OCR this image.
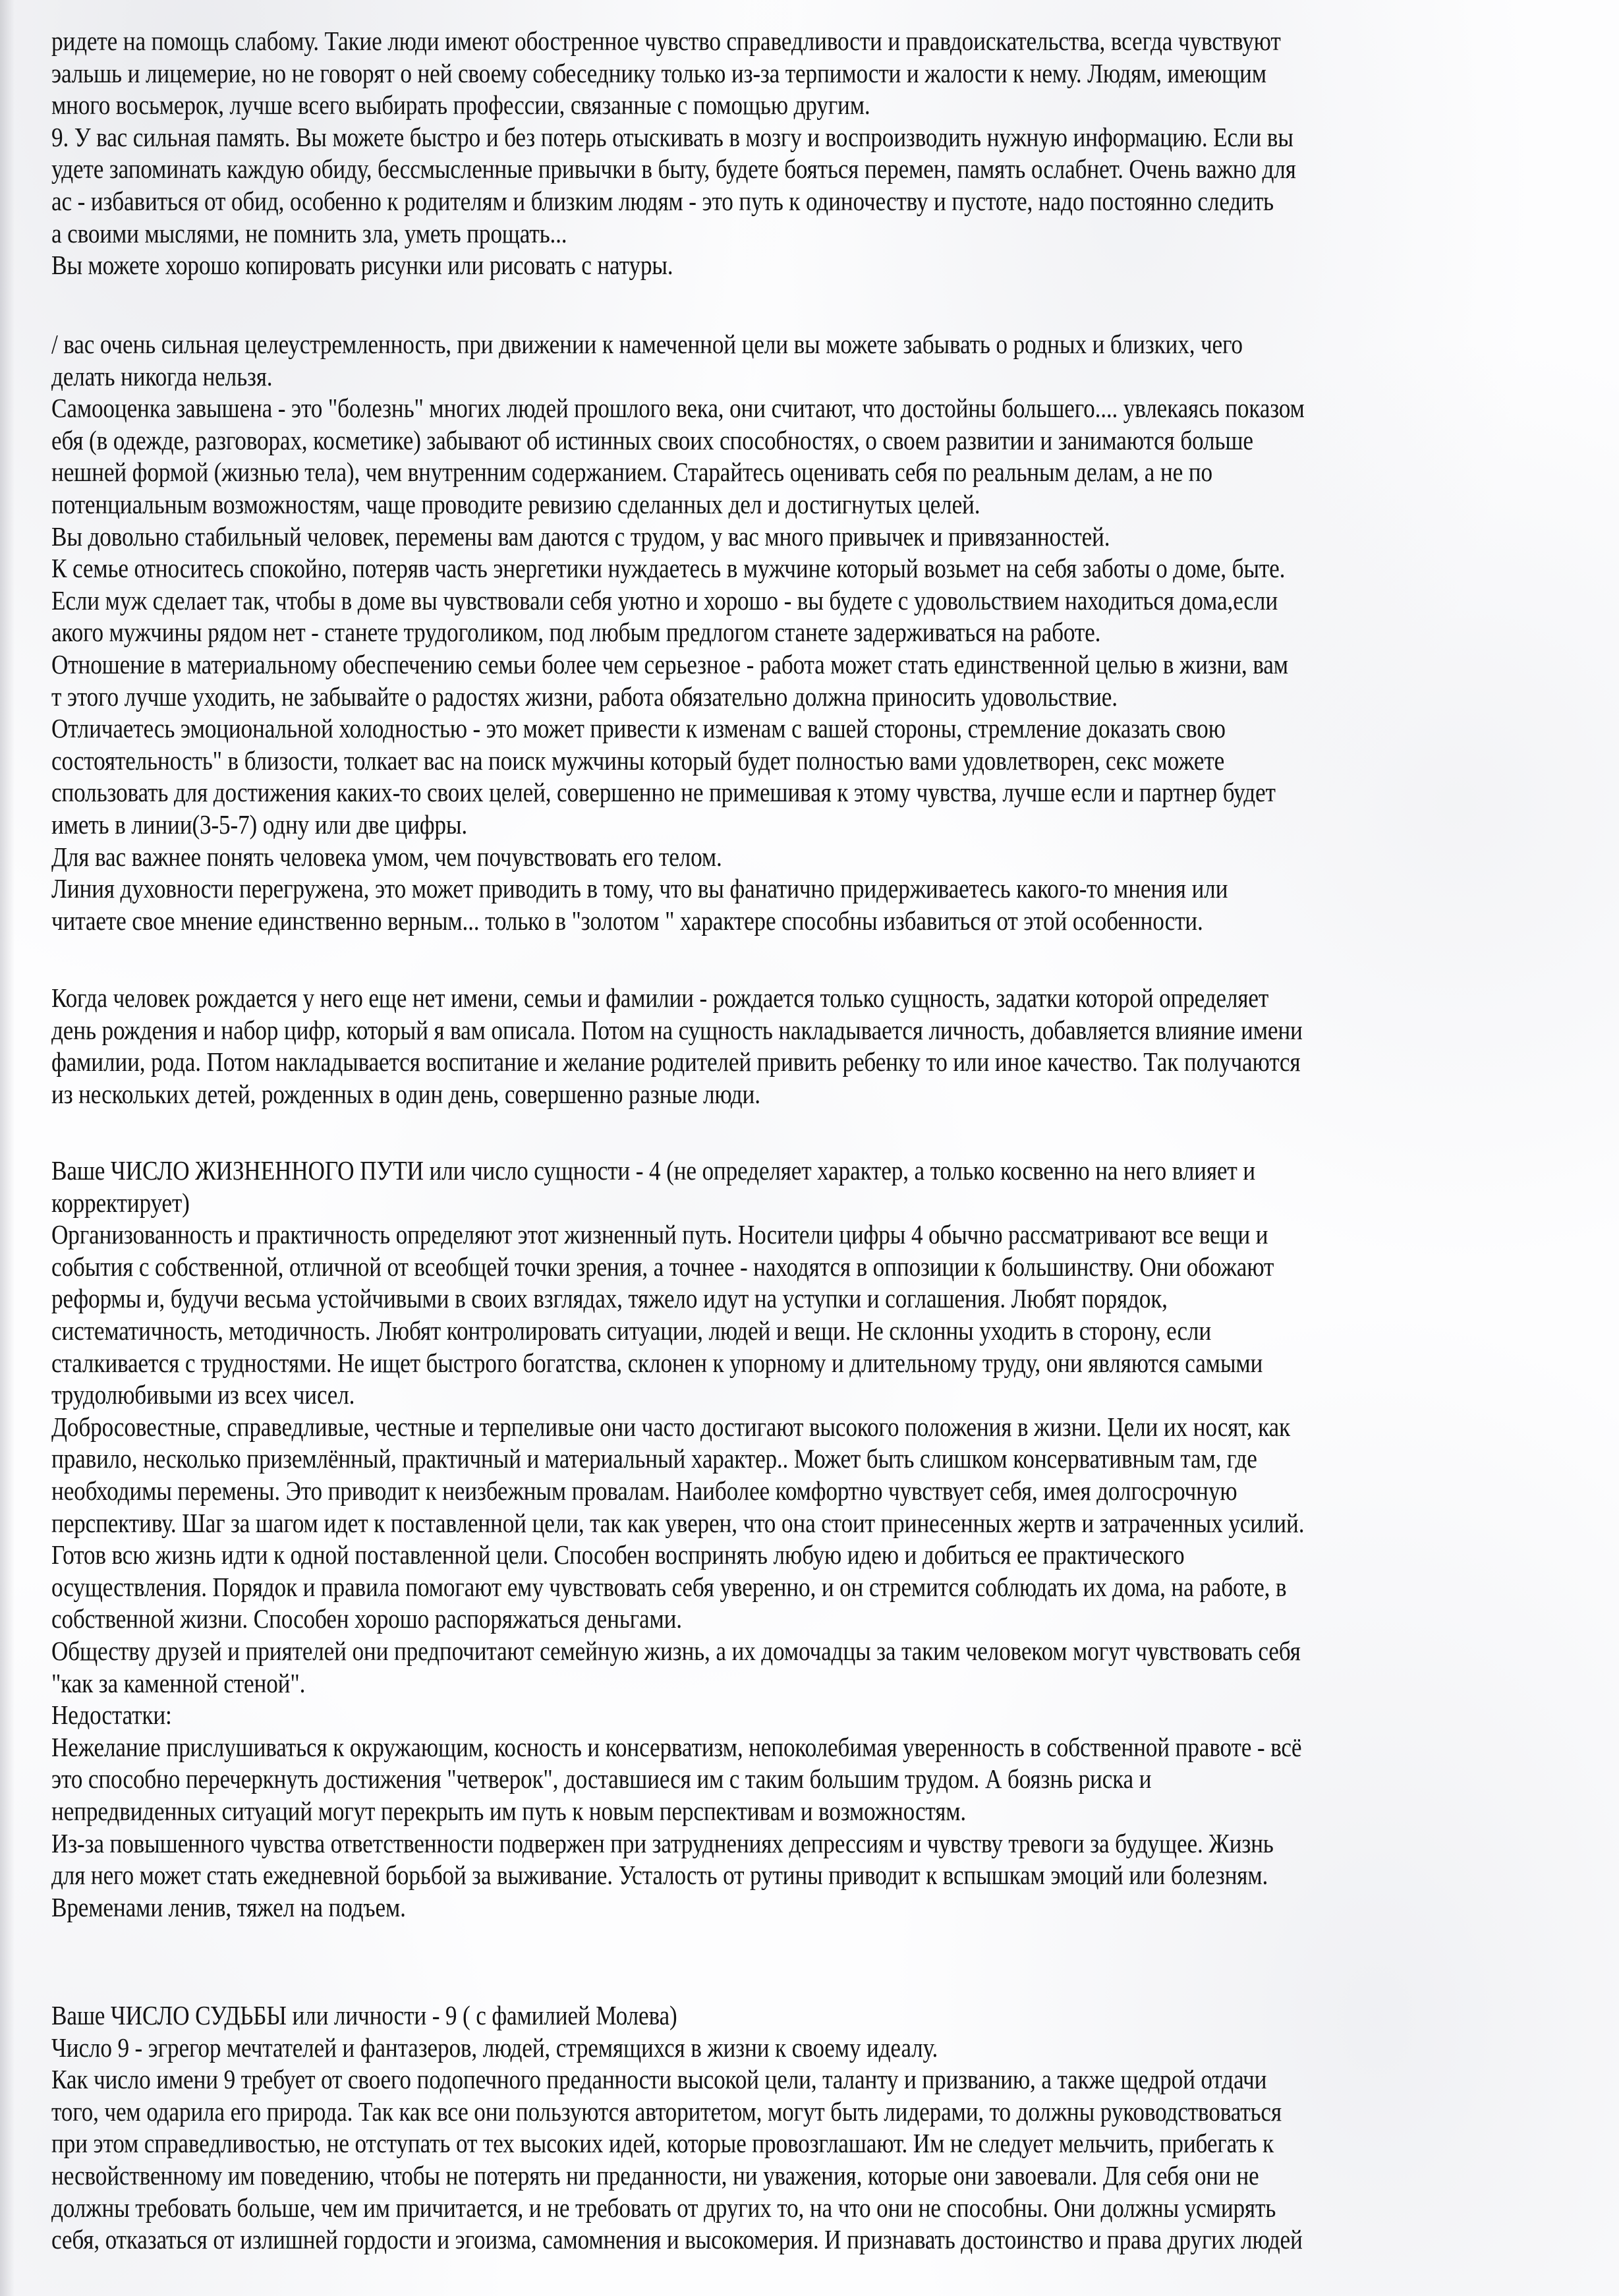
ридете на помощь слабому. Такие люди имеют обостренное чувство справедливости и правдоискательства, всегда чувствуют
эальшь и лицемерие, но не говорят о ней своему собеседнику только из-за терпимости и жалости к нему. Людям, имеющим
много восьмерок, лучше всего выбирать профессии, связанные с помощью другим.
9. У вас сильная память. Вы можете быстро и без потерь отыскивать в мозгу и воспроизводить нужную информацию. Если вы
удете запоминать каждую обиду, бессмысленные привычки в быту, будете бояться перемен, память ослабнет. Очень важно для
ас - избавиться от обид, особенно к родителям и близким людям - это путь к одиночеству и пустоте, надо постоянно следить
а своими мыслями, не помнить зла, уметь прощать...
Вы можете хорошо копировать рисунки или рисовать с натуры.
/ вас очень сильная целеустремленность, при движении к намеченной цели вы можете забывать о родных и близких, чего
делать никогда нельзя.
Самооценка завышена - это "болезнь" многих людей прошлого века, они считают, что достойны большего.... увлекаясь показом
ебя (в одежде, разговорах, косметике) забывают об истинных своих способностях, о своем развитии и занимаются больше
нешней формой (жизнью тела), чем внутренним содержанием. Старайтесь оценивать себя по реальным делам, а не по
потенциальным возможностям, чаще проводите ревизию сделанных дел и достигнутых целей.
Вы довольно стабильный человек, перемены вам даются с трудом, у вас много привычек и привязанностей.
К семье относитесь спокойно, потеряв часть энергетики нуждаетесь в мужчине который возьмет на себя заботы о доме, быте.
Если муж сделает так, чтобы в доме вы чувствовали себя уютно и хорошо - вы будете с удовольствием находиться дома,если
акого мужчины рядом нет - станете трудоголиком, под любым предлогом станете задерживаться на работе.
Отношение в материальному обеспечению семьи более чем серьезное - работа может стать единственной целью в жизни, вам
т этого лучше уходить, не забывайте о радостях жизни, работа обязательно должна приносить удовольствие.
Отличаетесь эмоциональной холодностью - это может привести к изменам с вашей стороны, стремление доказать свою
состоятельность" в близости, толкает вас на поиск мужчины который будет полностью вами удовлетворен, секс можете
спользовать для достижения каких-то своих целей, совершенно не примешивая к этому чувства, лучше если и партнер будет
иметь в линии(3-5-7) одну или две цифры.
Для вас важнее понять человека умом, чем почувствовать его телом.
Линия духовности перегружена, это может приводить в тому, что вы фанатично придерживаетесь какого-то мнения или
читаете свое мнение единственно верным... только в "золотом " характере способны избавиться от этой особенности.
Когда человек рождается у него еще нет имени, семьи и фамилии - рождается только сущность, задатки которой определяет
день рождения и набор цифр, который я вам описала. Потом на сущность накладывается личность, добавляется влияние имени
фамилии, рода. Потом накладывается воспитание и желание родителей привить ребенку то или иное качество. Так получаются
из нескольких детей, рожденных в один день, совершенно разные люди.
Ваше ЧИСЛО ЖИЗНЕННОГО ПУТИ или число сущности - 4 (не определяет характер, а только косвенно на него влияет и
корректирует)
Организованность и практичность определяют этот жизненный путь. Носители цифры 4 обычно рассматривают все вещи и
события с собственной, отличной от всеобщей точки зрения, а точнее - находятся в оппозиции к большинству. Они обожают
реформы и, будучи весьма устойчивыми в своих взглядах, тяжело идут на уступки и соглашения. Любят порядок,
систематичность, методичность. Любят контролировать ситуации, людей и вещи. Не склонны уходить в сторону, если
сталкивается с трудностями. Не ищет быстрого богатства, склонен к упорному и длительному труду, они являются самыми
трудолюбивыми из всех чисел.
Добросовестные, справедливые, честные и терпеливые они часто достигают высокого положения в жизни. Цели их носят, как
правило, несколько приземлённый, практичный и материальный характер.. Может быть слишком консервативным там, где
необходимы перемены. Это приводит к неизбежным провалам. Наиболее комфортно чувствует себя, имея долгосрочную
перспективу. Шаг за шагом идет к поставленной цели, так как уверен, что она стоит принесенных жертв и затраченных усилий.
Готов всю жизнь идти к одной поставленной цели. Способен воспринять любую идею и добиться ее практического
осуществления. Порядок и правила помогают ему чувствовать себя уверенно, и он стремится соблюдать их дома, на работе, в
собственной жизни. Способен хорошо распоряжаться деньгами.
Обществу друзей и приятелей они предпочитают семейную жизнь, а их домочадцы за таким человеком могут чувствовать себя
"как за каменной стеной".
Недостатки:
Нежелание прислушиваться к окружающим, косность и консерватизм, непоколебимая уверенность в собственной правоте - всё
это способно перечеркнуть достижения "четверок", доставшиеся им с таким большим трудом. А боязнь риска и
непредвиденных ситуаций могут перекрыть им путь к новым перспективам и возможностям.
Из-за повышенного чувства ответственности подвержен при затруднениях депрессиям и чувству тревоги за будущее. Жизнь
для него может стать ежедневной борьбой за выживание. Усталость от рутины приводит к вспышкам эмоций или болезням.
Временами ленив, тяжел на подъем.
Ваше ЧИСЛО СУДЬБЫ или личности - 9 ( с фамилией Молева)
Число 9 - эгрегор мечтателей и фантазеров, людей, стремящихся в жизни к своему идеалу.
Как число имени 9 требует от своего подопечного преданности высокой цели, таланту и призванию, а также щедрой отдачи
того, чем одарила его природа. Так как все они пользуются авторитетом, могут быть лидерами, то должны руководствоваться
при этом справедливостью, не отступать от тех высоких идей, которые провозглашают. Им не следует мельчить, прибегать к
несвойственному им поведению, чтобы не потерять ни преданности, ни уважения, которые они завоевали. Для себя они не
должны требовать больше, чем им причитается, и не требовать от других то, на что они не способны. Они должны усмирять
себя, отказаться от излишней гордости и эгоизма, самомнения и высокомерия. И признавать достоинство и права других людей
